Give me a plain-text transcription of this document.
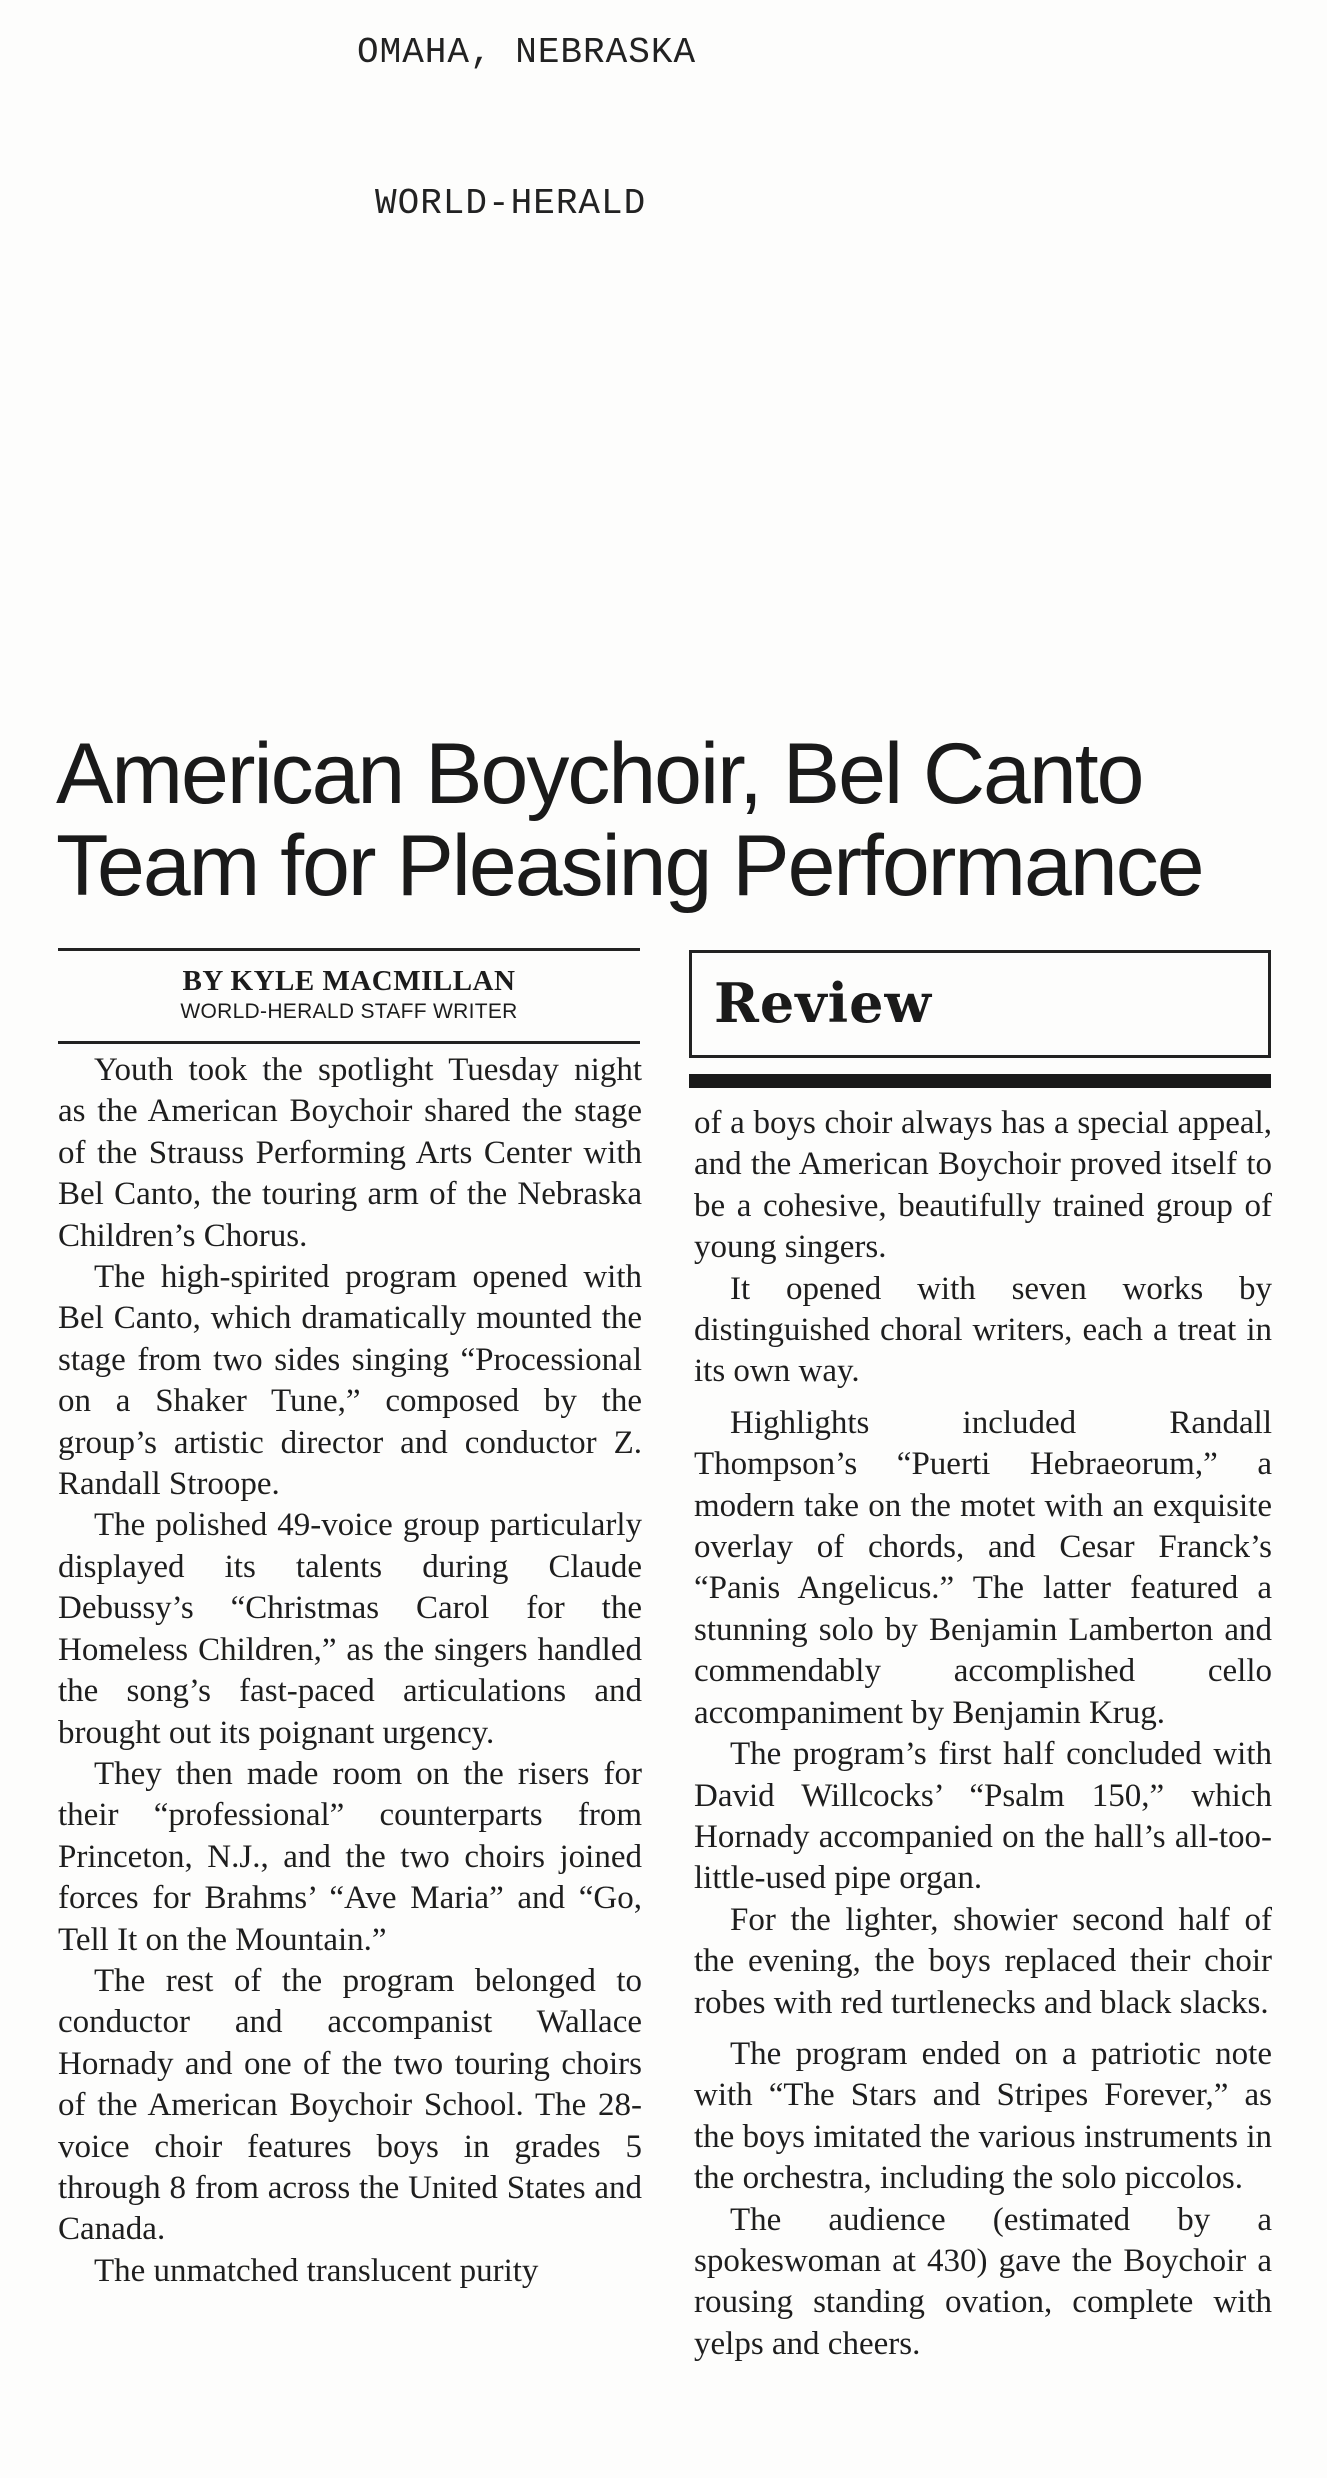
OMAHA, NEBRASKA
WORLD-HERALD
American Boychoir, Bel Canto
Team for Pleasing Performance
BY KYLE MACMILLAN
WORLD-HERALD STAFF WRITER	Review

Youth took the spotlight Tuesday night as the American Boychoir shared the stage of the Strauss Performing Arts Center with Bel Canto, the touring arm of the Nebraska Children’s Chorus.

The high-spirited program opened with Bel Canto, which dramatically mounted the stage from two sides singing “Processional on a Shaker Tune,” composed by the group’s artistic director and conductor Z. Randall Stroope.

The polished 49-voice group particularly displayed its talents during Claude Debussy’s “Christmas Carol for the Homeless Children,” as the singers handled the song’s fast-paced articulations and brought out its poignant urgency.

They then made room on the risers for their “professional” counterparts from Princeton, N.J., and the two choirs joined forces for Brahms’ “Ave Maria” and “Go, Tell It on the Mountain.”

The rest of the program belonged to conductor and accompanist Wallace Hornady and one of the two touring choirs of the American Boychoir School. The 28-voice choir features boys in grades 5 through 8 from across the United States and Canada.

The unmatched translucent purity

of a boys choir always has a special appeal, and the American Boychoir proved itself to be a cohesive, beautifully trained group of young singers.

It opened with seven works by distinguished choral writers, each a treat in its own way.

Highlights included Randall Thompson’s “Puerti Hebraeorum,” a modern take on the motet with an exquisite overlay of chords, and Cesar Franck’s “Panis Angelicus.” The latter featured a stunning solo by Benjamin Lamberton and commendably accomplished cello accompaniment by Benjamin Krug.

The program’s first half concluded with David Willcocks’ “Psalm 150,” which Hornady accompanied on the hall’s all-too-little-used pipe organ.

For the lighter, showier second half of the evening, the boys replaced their choir robes with red turtlenecks and black slacks.

The program ended on a patriotic note with “The Stars and Stripes Forever,” as the boys imitated the various instruments in the orchestra, including the solo piccolos.

The audience (estimated by a spokeswoman at 430) gave the Boychoir a rousing standing ovation, complete with yelps and cheers.
